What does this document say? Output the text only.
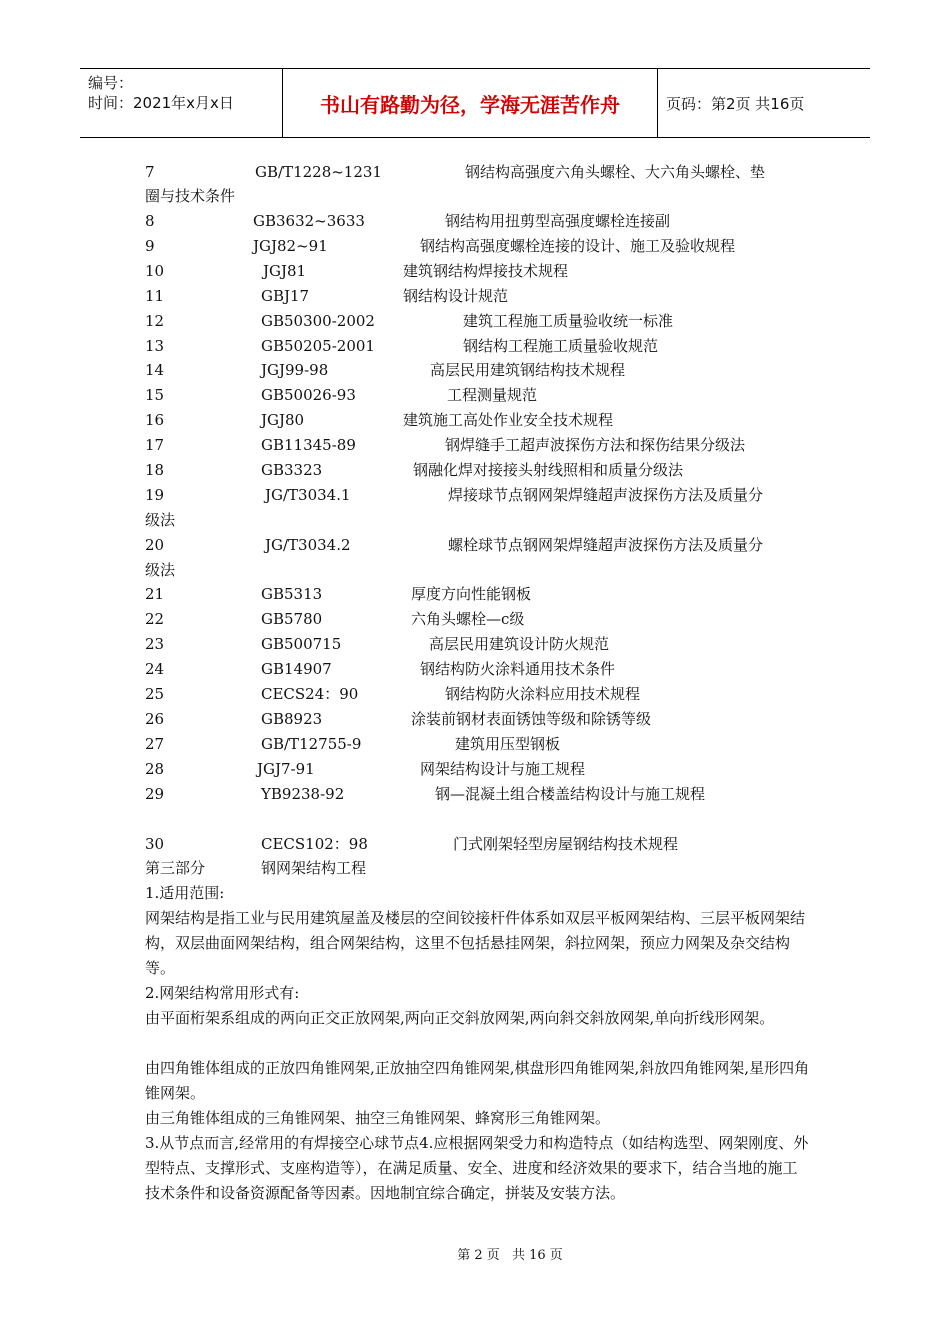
编号：
时间：2021年x月x日	书山有路勤为径，学海无涯苦作舟	页码：第2页 共16页
7	GB/T1228~1231	钢结构高强度六角头螺栓、大六角头螺栓、垫
圈与技术条件
8	GB3632~3633	钢结构用扭剪型高强度螺栓连接副
9	JGJ82~91	钢结构高强度螺栓连接的设计、施工及验收规程
10	JGJ81	建筑钢结构焊接技术规程
11	GBJ17	钢结构设计规范
12	GB50300-2002	建筑工程施工质量验收统一标准
13	GB50205-2001	钢结构工程施工质量验收规范
14	JGJ99-98	高层民用建筑钢结构技术规程
15	GB50026-93	工程测量规范
16	JGJ80	建筑施工高处作业安全技术规程
17	GB11345-89	钢焊缝手工超声波探伤方法和探伤结果分级法
18	GB3323	钢融化焊对接接头射线照相和质量分级法
19	JG/T3034.1	焊接球节点钢网架焊缝超声波探伤方法及质量分
级法
20	JG/T3034.2	螺栓球节点钢网架焊缝超声波探伤方法及质量分
级法
21	GB5313	厚度方向性能钢板
22	GB5780	六角头螺栓—c级
23	GB500715	高层民用建筑设计防火规范
24	GB14907	钢结构防火涂料通用技术条件
25	CECS24：90	钢结构防火涂料应用技术规程
26	GB8923	涂装前钢材表面锈蚀等级和除锈等级
27	GB/T12755-9	建筑用压型钢板
28	JGJ7-91	网架结构设计与施工规程
29	YB9238-92	钢—混凝土组合楼盖结构设计与施工规程
30	CECS102：98	门式刚架轻型房屋钢结构技术规程
第三部分	钢网架结构工程
1.适用范围:
网架结构是指工业与民用建筑屋盖及楼层的空间铰接杆件体系如双层平板网架结构、三层平板网架结构，双层曲面网架结构，组合网架结构，这里不包括悬挂网架，斜拉网架，预应力网架及杂交结构等。
2.网架结构常用形式有:
由平面桁架系组成的两向正交正放网架,两向正交斜放网架,两向斜交斜放网架,单向折线形网架。
由四角锥体组成的正放四角锥网架,正放抽空四角锥网架,棋盘形四角锥网架,斜放四角锥网架,星形四角锥网架。
由三角锥体组成的三角锥网架、抽空三角锥网架、蜂窝形三角锥网架。
3.从节点而言,经常用的有焊接空心球节点4.应根据网架受力和构造特点（如结构选型、网架刚度、外型特点、支撑形式、支座构造等），在满足质量、安全、进度和经济效果的要求下，结合当地的施工技术条件和设备资源配备等因素。因地制宜综合确定，拼装及安装方法。
第 2 页 共 16 页
